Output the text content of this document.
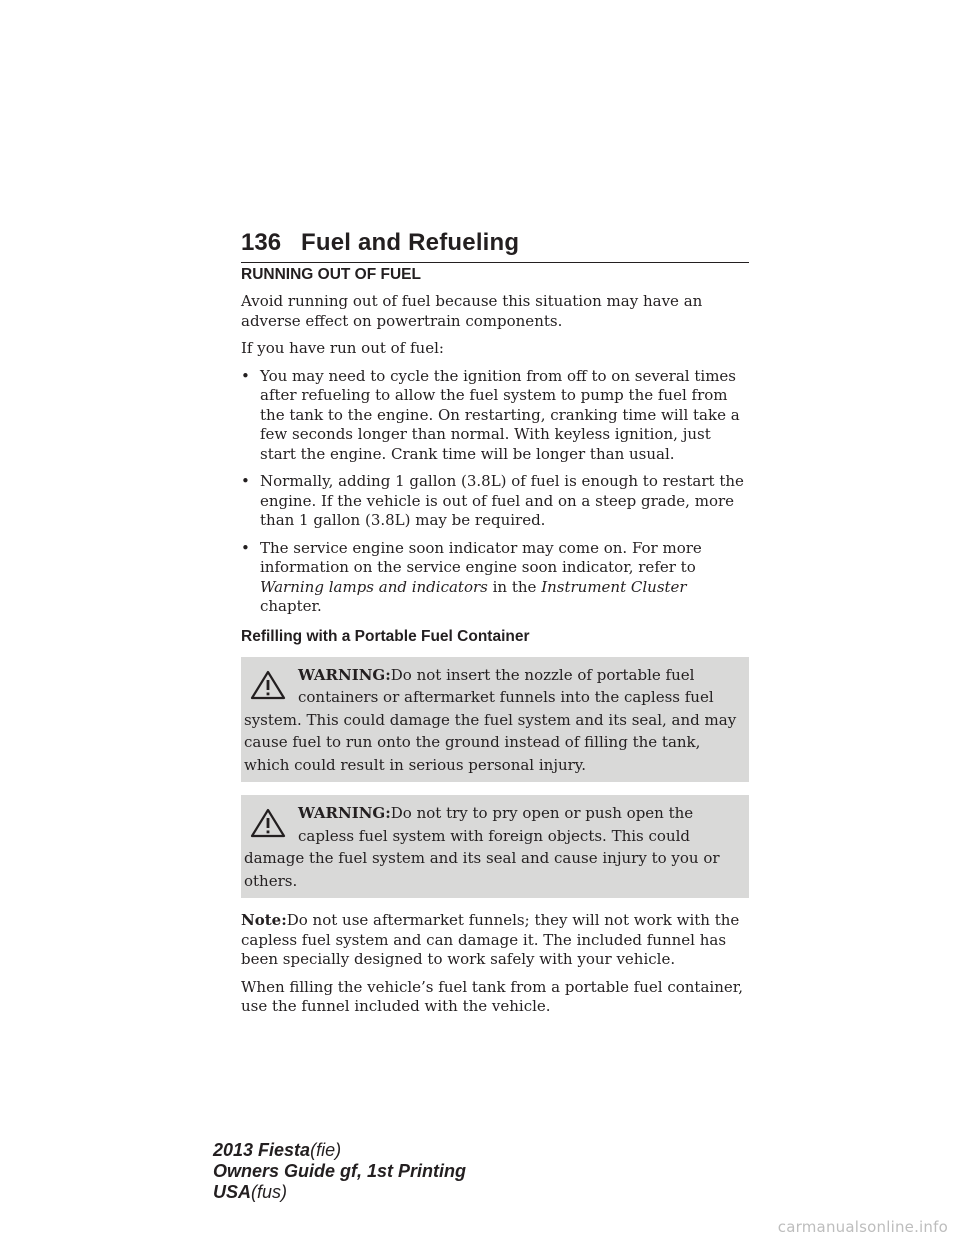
136 Fuel and Refueling
RUNNING OUT OF FUEL

Avoid running out of fuel because this situation may have an adverse effect on powertrain components.

If you have run out of fuel:

• You may need to cycle the ignition from off to on several times after refueling to allow the fuel system to pump the fuel from the tank to the engine. On restarting, cranking time will take a few seconds longer than normal. With keyless ignition, just start the engine. Crank time will be longer than usual.
• Normally, adding 1 gallon (3.8L) of fuel is enough to restart the engine. If the vehicle is out of fuel and on a steep grade, more than 1 gallon (3.8L) may be required.
• The service engine soon indicator may come on. For more information on the service engine soon indicator, refer to Warning lamps and indicators in the Instrument Cluster chapter.
Refilling with a Portable Fuel Container
WARNING:Do not insert the nozzle of portable fuel containers or aftermarket funnels into the capless fuel system. This could damage the fuel system and its seal, and may cause fuel to run onto the ground instead of filling the tank, which could result in serious personal injury.
WARNING:Do not try to pry open or push open the capless fuel system with foreign objects. This could damage the fuel system and its seal and cause injury to you or others.

Note:Do not use aftermarket funnels; they will not work with the capless fuel system and can damage it. The included funnel has been specially designed to work safely with your vehicle.

When filling the vehicle’s fuel tank from a portable fuel container, use the funnel included with the vehicle.

2013 Fiesta(fie)
Owners Guide gf, 1st Printing
USA(fus)
carmanualsonline.info
